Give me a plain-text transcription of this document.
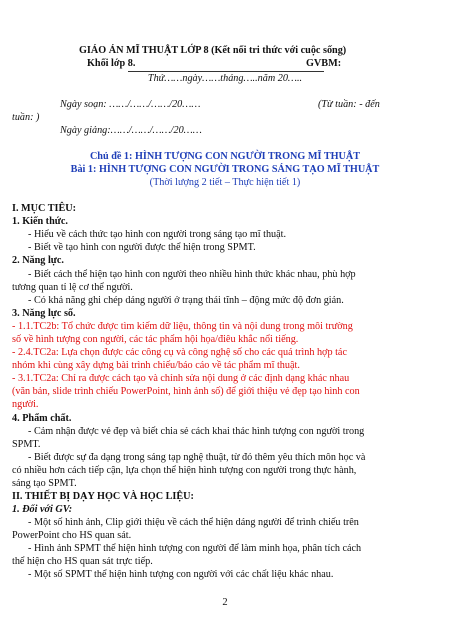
GIÁO ÁN MĨ THUẬT LỚP 8 (Kết nối tri thức với cuộc sống)
Khối lớp 8.	GVBM:
Thứ……ngày……tháng…..năm 20…..
Ngày soạn: ……/……/……/20……	(Từ tuần: - đến
tuần: )
Ngày giảng:……/……/……/20……
Chủ đề 1: HÌNH TƯỢNG CON NGƯỜI TRONG MĨ THUẬT
Bài 1: HÌNH TƯỢNG CON NGƯỜI TRONG SÁNG TẠO MĨ THUẬT
(Thời lượng 2 tiết – Thực hiện tiết 1)
I. MỤC TIÊU:
1. Kiến thức.
- Hiểu về cách thức tạo hình con người trong sáng tạo mĩ thuật.
- Biết về tạo hình con người được thể hiện trong SPMT.
2. Năng lực.
- Biết cách thể hiện tạo hình con người theo nhiều hình thức khác nhau, phù hợp
tương quan tỉ lệ cơ thể người.
- Có khả năng ghi chép dáng người ở trạng thái tĩnh – động mức độ đơn giản.
3. Năng lực số.
- 1.1.TC2b: Tổ chức được tìm kiếm dữ liệu, thông tin và nội dung trong môi trường
số về hình tượng con người, các tác phẩm hội họa/điêu khắc nổi tiếng.
- 2.4.TC2a: Lựa chọn được các công cụ và công nghệ số cho các quá trình hợp tác
nhóm khi cùng xây dựng bài trình chiếu/báo cáo về tác phẩm mĩ thuật.
- 3.1.TC2a: Chỉ ra được cách tạo và chỉnh sửa nội dung ở các định dạng khác nhau
(văn bản, slide trình chiếu PowerPoint, hình ảnh số) để giới thiệu vẻ đẹp tạo hình con
người.
4. Phẩm chất.
- Cảm nhận được vẻ đẹp và biết chia sẻ cách khai thác hình tượng con người trong
SPMT.
- Biết được sự đa dạng trong sáng tạp nghệ thuật, từ đó thêm yêu thích môn học và
có nhiều hơn cách tiếp cận, lựa chọn thể hiện hình tượng con người trong thực hành,
sáng tạo SPMT.
II. THIẾT BỊ DẠY HỌC VÀ HỌC LIỆU:
1. Đối với GV:
- Một số hình ảnh, Clip giới thiệu về cách thể hiện dáng người để trình chiếu trên
PowerPoint cho HS quan sát.
- Hình ảnh SPMT thể hiện hình tượng con người để làm minh họa, phân tích cách
thể hiện cho HS quan sát trực tiếp.
- Một số SPMT thể hiện hình tượng con người với các chất liệu khác nhau.
2
